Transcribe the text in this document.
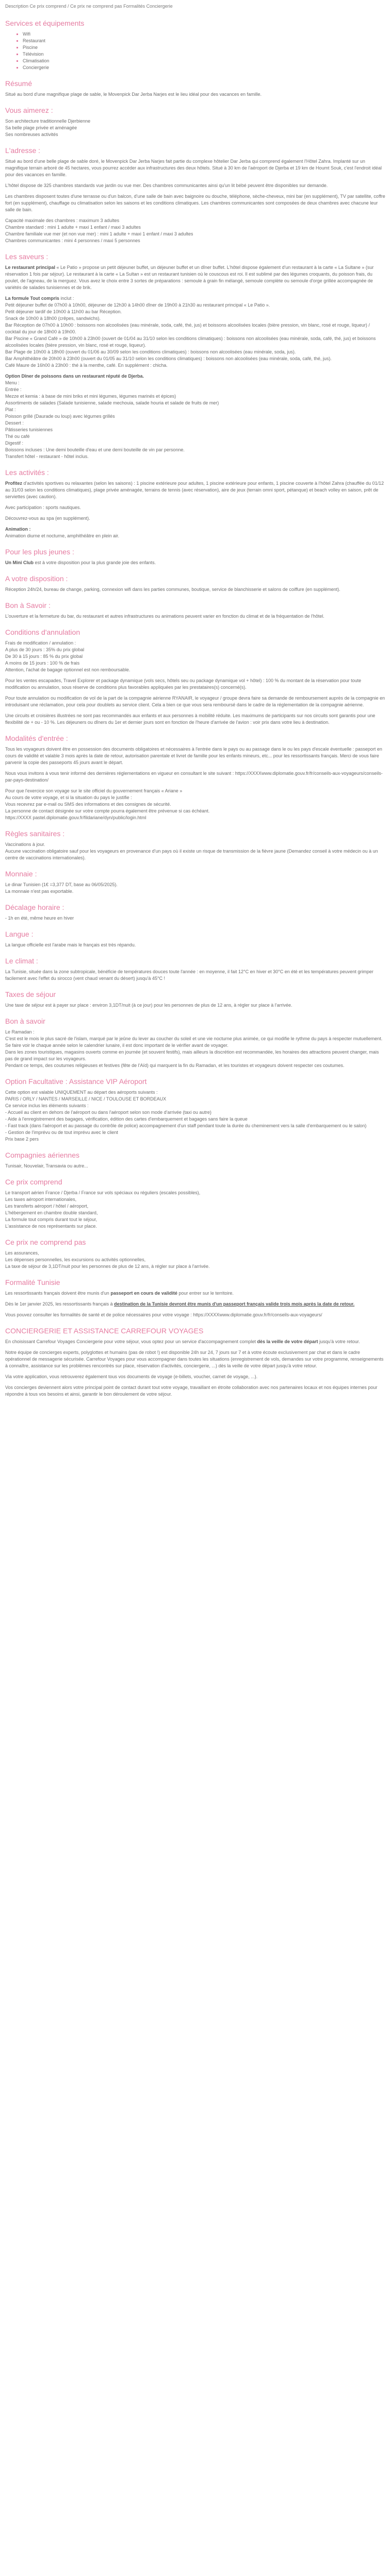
Description Ce prix comprend / Ce prix ne comprend pas Formalités Conciergerie
Services et équipements
▪ Wifi
▪ Restaurant
▪ Piscine
▪ Télévision
▪ Climatisation
▪ Conciergerie
Résumé

Situé au bord d'une magnifique plage de sable, le Movenpick Dar Jerba Narjes est le lieu idéal pour des vacances en famille.

Vous aimerez :

Son architecture traditionnelle Djerbienne
Sa belle plage privée et aménagée
Ses nombreuses activités

L'adresse :

Situé au bord d'une belle plage de sable doré, le Movenpick Dar Jerba Narjes fait partie du complexe hôtelier Dar Jerba qui comprend également l'Hôtel Zahra. Implanté sur un magnifique terrain arboré de 45 hectares, vous pourrez accéder aux infrastructures des deux hôtels. Situé à 30 km de l'aéroport de Djerba et 19 km de Houmt Souk, c'est l'endroit idéal pour des vacances en famille.

L'hôtel dispose de 325 chambres standards vue jardin ou vue mer. Des chambres communicantes ainsi qu'un lit bébé peuvent être disponibles sur demande.

Les chambres disposent toutes d'une terrasse ou d'un balcon, d'une salle de bain avec baignoire ou douche, téléphone, sèche-cheveux, mini bar (en supplément), TV par satellite, coffre fort (en supplément), chauffage ou climatisation selon les saisons et les conditions climatiques. Les chambres communicantes sont composées de deux chambres avec chacune leur salle de bain.

Capacité maximale des chambres : maximum 3 adultes
Chambre standard : mini 1 adulte + maxi 1 enfant / maxi 3 adultes
Chambre familiale vue mer (et non vue mer) : mini 1 adulte + maxi 1 enfant / maxi 3 adultes
Chambres communicantes : mini 4 personnes / maxi 5 personnes

Les saveurs :

Le restaurant principal « Le Patio » propose un petit déjeuner buffet, un déjeuner buffet et un dîner buffet. L'hôtel dispose également d'un restaurant à la carte « La Sultane » (sur réservation 1 fois par séjour). Le restaurant à la carte « La Sultan » est un restaurant tunisien où le couscous est roi. Il est sublimé par des légumes croquants, du poisson frais, du poulet, de l'agneau, de la merguez. Vous avez le choix entre 3 sortes de préparations : semoule à grain fin mélangé, semoule complète ou semoule d'orge grillée accompagnée de variétés de salades tunisiennes et de brik.

La formule Tout compris inclut :
Petit déjeuner buffet de 07h00 à 10h00, déjeuner de 12h30 à 14h00 dîner de 19h00 à 21h30 au restaurant principal « Le Patio ».
Petit déjeuner tardif de 10h00 à 11h00 au bar Réception.
Snack de 10h00 à 18h00 (crêpes, sandwichs).
Bar Réception de 07h00 à 10h00 : boissons non alcoolisées (eau minérale, soda, café, thé, jus) et boissons alcoolisées locales (bière pression, vin blanc, rosé et rouge, liqueur) / cocktail du jour de 18h00 à 19h00.
Bar Piscine « Grand Café » de 10h00 à 23h00 (ouvert de 01/04 au 31/10 selon les conditions climatiques) : boissons non alcoolisées (eau minérale, soda, café, thé, jus) et boissons alcoolisées locales (bière pression, vin blanc, rosé et rouge, liqueur).
Bar Plage de 10h00 à 18h00 (ouvert du 01/06 au 30/09 selon les conditions climatiques) : boissons non alcoolisées (eau minérale, soda, jus).
Bar Amphithéâtre de 20h00 à 23h00 (ouvert du 01/05 au 31/10 selon les conditions climatiques) : boissons non alcoolisées (eau minérale, soda, café, thé, jus).
Café Maure de 16h00 à 23h00 : thé à la menthe, café. En supplément : chicha.

Option Dîner de poissons dans un restaurant réputé de Djerba.
Menu :
Entrée :
Mezze et kemia : à base de mini briks et mini légumes, légumes marinés et épices)
Assortiments de salades (Salade tunisienne, salade mechouia, salade houria et salade de fruits de mer)
Plat :
Poisson grillé (Daurade ou loup) avec légumes grillés
Dessert :
Pâtisseries tunisiennes
Thé ou café
Digestif :
Boissons incluses : Une demi bouteille d'eau et une demi bouteille de vin par personne.
Transfert hôtel - restaurant - hôtel inclus.

Les activités :

Profitez d'activités sportives ou relaxantes (selon les saisons) : 1 piscine extérieure pour adultes, 1 piscine extérieure pour enfants, 1 piscine couverte à l'hôtel Zahra (chauffée du 01/12 au 31/03 selon les conditions climatiques), plage privée aménagée, terrains de tennis (avec réservation), aire de jeux (terrain omni sport, pétanque) et beach volley en saison, prêt de serviettes (avec caution).

Avec participation : sports nautiques.

Découvrez-vous au spa (en supplément).

Animation :
Animation diurne et nocturne, amphithéâtre en plein air.

Pour les plus jeunes :

Un Mini Club est à votre disposition pour la plus grande joie des enfants.

A votre disposition :

Réception 24h/24, bureau de change, parking, connexion wifi dans les parties communes, boutique, service de blanchisserie et salons de coiffure (en supplément).

Bon à Savoir :

L'ouverture et la fermeture du bar, du restaurant et autres infrastructures ou animations peuvent varier en fonction du climat et de la fréquentation de l'hôtel.

Conditions d'annulation

Frais de modification / annulation :
A plus de 30 jours : 35% du prix global
De 30 à 15 jours : 85 % du prix global
A moins de 15 jours : 100 % de frais
Attention, l'achat de bagage optionnel est non remboursable.

Pour les ventes escapades, Travel Explorer et package dynamique (vols secs, hôtels seu ou package dynamique vol + hôtel) : 100 % du montant de la réservation pour toute modification ou annulation, sous réserve de conditions plus favorables appliquées par les prestataires(s) concerné(s).

Pour toute annulation ou modification de vol de la part de la compagnie aérienne RYANAIR, le voyageur / groupe devra faire sa demande de remboursement auprès de la compagnie en introduisant une réclamation, pour cela pour doublets au service client. Cela a bien ce que vous sera remboursé dans le cadre de la réglementation de la compagnie aérienne.

Une circuits et croisières illustrées ne sont pas recommandés aux enfants et aux personnes à mobilité réduite. Les maximums de participants sur nos circuits sont garantis pour une flexibilité de + ou - 10 %. Les déjeuners ou dîners du 1er et dernier jours sont en fonction de l'heure d'arrivée de l'avion : voir prix dans votre lieu à destination.

Modalités d'entrée :

Tous les voyageurs doivent être en possession des documents obligatoires et nécessaires à l'entrée dans le pays ou au passage dans le ou les pays d'escale éventuelle : passeport en cours de validité et valable 3 mois après la date de retour, autorisation parentale et livret de famille pour les enfants mineurs, etc... pour les ressortissants français. Merci de vous faire parvenir la copie des passeports 45 jours avant le départ.

Nous vous invitons à vous tenir informé des dernières réglementations en vigueur en consultant le site suivant : https://XXXXwww.diplomatie.gouv.fr/fr/conseils-aux-voyageurs/conseils-par-pays-destination/

Pour que l'exercice son voyage sur le site officiel du gouvernement français « Ariane »
Au cours de votre voyage, et si la situation du pays le justifie :
Vous recevrez par e-mail ou SMS des informations et des consignes de sécurité.
La personne de contact désignée sur votre compte pourra également être prévenue si cas échéant.
https://XXXX pastel.diplomatie.gouv.fr/fildariane/dyn/public/login.html

Règles sanitaires :

Vaccinations à jour.
Aucune vaccination obligatoire sauf pour les voyageurs en provenance d'un pays où il existe un risque de transmission de la fièvre jaune (Demandez conseil à votre médecin ou à un centre de vaccinations internationales).

Monnaie :

Le dinar Tunisien (1€ =3,377 DT, base au 06/05/2025).
La monnaie n'est pas exportable.

Décalage horaire :

- 1h en été, même heure en hiver

Langue :

La langue officielle est l'arabe mais le français est très répandu.

Le climat :

La Tunisie, située dans la zone subtropicale, bénéficie de températures douces toute l'année : en moyenne, il fait 12°C en hiver et 30°C en été et les températures peuvent grimper facilement avec l'effet du sirocco (vent chaud venant du désert) jusqu'à 45°C !

Taxes de séjour

Une taxe de séjour est à payer sur place : environ 3,1DT/nuit (à ce jour) pour les personnes de plus de 12 ans, à régler sur place à l'arrivée.

Bon à savoir

Le Ramadan :
C'est est le mois le plus sacré de l'islam, marqué par le jeûne du lever au coucher du soleil et une vie nocturne plus animée, ce qui modifie le rythme du pays à respecter mutuellement.
Se faire voir le chaque année selon le calendrier lunaire, il est donc important de le vérifier avant de voyager.
Dans les zones touristiques, magasins ouverts comme en journée (et souvent festifs), mais ailleurs la discrétion est recommandée, les horaires des attractions peuvent changer, mais pas de grand impact sur les voyageurs.
Pendant ce temps, des coutumes religieuses et festives (fête de l'Aïd) qui marquent la fin du Ramadan, et les touristes et voyageurs doivent respecter ces coutumes.

Option Facultative : Assistance VIP Aéroport

Cette option est valable UNIQUEMENT au départ des aéroports suivants :
PARIS / ORLY / NANTES / MARSEILLE / NICE / TOULOUSE ET BORDEAUX
Ce service inclus les éléments suivants :
- Accueil au client en dehors de l'aéroport ou dans l'aéroport selon son mode d'arrivée (taxi ou autre)
- Aide à l'enregistrement des bagages, vérification, édition des cartes d'embarquement et bagages sans faire la queue
- Fast track (dans l'aéroport et au passage du contrôle de police) accompagnement d'un staff pendant toute la durée du cheminement vers la salle d'embarquement ou le salon)
- Gestion de l'imprévu ou de tout imprévu avec le client
Prix base 2 pers

Compagnies aériennes

Tunisair, Nouvelair, Transavia ou autre...

Ce prix comprend

Le transport aérien France / Djerba / France sur vols spéciaux ou réguliers (escales possibles),
Les taxes aéroport internationales,
Les transferts aéroport / hôtel / aéroport,
L'hébergement en chambre double standard,
La formule tout compris durant tout le séjour,
L'assistance de nos représentants sur place.

Ce prix ne comprend pas

Les assurances,
Les dépenses personnelles, les excursions ou activités optionnelles,
La taxe de séjour de 3,1DT/nuit pour les personnes de plus de 12 ans, à régler sur place à l'arrivée.

Formalité Tunisie

Les ressortissants français doivent être munis d'un passeport en cours de validité pour entrer sur le territoire.

Dès le 1er janvier 2025, les ressortissants français à destination de la Tunisie devront être munis d'un passeport français valide trois mois après la date de retour.

Vous pouvez consulter les formalités de santé et de police nécessaires pour votre voyage : https://XXXXwww.diplomatie.gouv.fr/fr/conseils-aux-voyageurs/

CONCIERGERIE ET ASSISTANCE CARREFOUR VOYAGES

En choisissant Carrefour Voyages Conciergerie pour votre séjour, vous optez pour un service d'accompagnement complet dès la veille de votre départ jusqu'à votre retour.

Notre équipe de concierges experts, polyglottes et humains (pas de robot !) est disponible 24h sur 24, 7 jours sur 7 et à votre écoute exclusivement par chat et dans le cadre opérationnel de messagerie sécurisée. Carrefour Voyages pour vous accompagner dans toutes les situations (enregistrement de vols, demandes sur votre programme, renseignements à connaître, assistance sur les problèmes rencontrés sur place, réservation d'activités, conciergerie, ...) dès la veille de votre départ jusqu'à votre retour.

Via votre application, vous retrouverez également tous vos documents de voyage (e-billets, voucher, carnet de voyage, ...).

Vos concierges deviennent alors votre principal point de contact durant tout votre voyage, travaillant en étroite collaboration avec nos partenaires locaux et nos équipes internes pour répondre à tous vos besoins et ainsi, garantir le bon déroulement de votre séjour.
